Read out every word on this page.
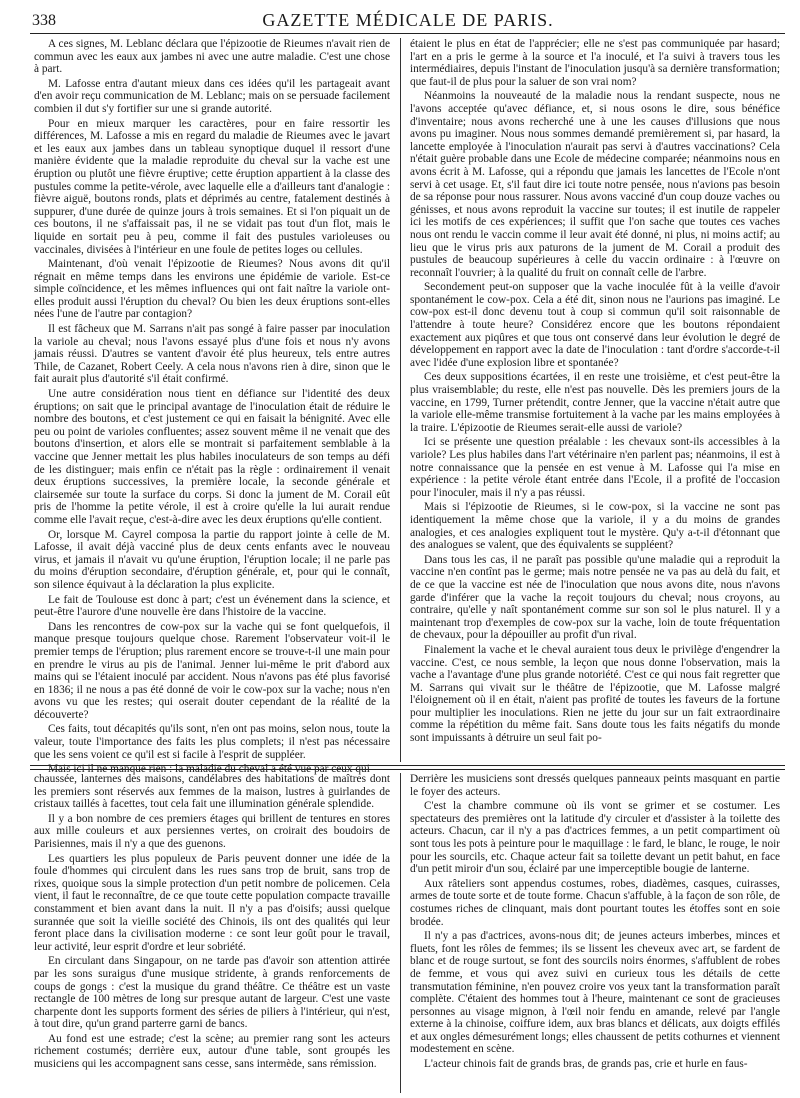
338	GAZETTE MÉDICALE DE PARIS.

A ces signes, M. Leblanc déclara que l'épizootie de Rieumes n'avait rien de commun avec les eaux aux jambes ni avec une autre maladie. C'est une chose à part.

M. Lafosse entra d'autant mieux dans ces idées qu'il les partageait avant d'en avoir reçu communication de M. Leblanc; mais on se persuade facilement combien il dut s'y fortifier sur une si grande autorité.

Pour en mieux marquer les caractères, pour en faire ressortir les différences, M. Lafosse a mis en regard du maladie de Rieumes avec le javart et les eaux aux jambes dans un tableau synoptique duquel il ressort d'une manière évidente que la maladie reproduite du cheval sur la vache est une éruption ou plutôt une fièvre éruptive; cette éruption appartient à la classe des pustules comme la petite-vérole, avec laquelle elle a d'ailleurs tant d'analogie : fièvre aiguë, boutons ronds, plats et déprimés au centre, fatalement destinés à suppurer, d'une durée de quinze jours à trois semaines. Et si l'on piquait un de ces boutons, il ne s'affaissait pas, il ne se vidait pas tout d'un flot, mais le liquide en sortait peu à peu, comme il fait des pustules varioleuses ou vaccinales, divisées à l'intérieur en une foule de petites loges ou cellules.

Maintenant, d'où venait l'épizootie de Rieumes? Nous avons dit qu'il régnait en même temps dans les environs une épidémie de variole. Est-ce simple coïncidence, et les mêmes influences qui ont fait naître la variole ont-elles produit aussi l'éruption du cheval? Ou bien les deux éruptions sont-elles nées l'une de l'autre par contagion?

Il est fâcheux que M. Sarrans n'ait pas songé à faire passer par inoculation la variole au cheval; nous l'avons essayé plus d'une fois et nous n'y avons jamais réussi. D'autres se vantent d'avoir été plus heureux, tels entre autres Thile, de Cazanet, Robert Ceely. A cela nous n'avons rien à dire, sinon que le fait aurait plus d'autorité s'il était confirmé.

Une autre considération nous tient en défiance sur l'identité des deux éruptions; on sait que le principal avantage de l'inoculation était de réduire le nombre des boutons, et c'est justement ce qui en faisait la bénignité. Avec elle peu ou point de varioles confluentes; assez souvent même il ne venait que des boutons d'insertion, et alors elle se montrait si parfaitement semblable à la vaccine que Jenner mettait les plus habiles inoculateurs de son temps au défi de les distinguer; mais enfin ce n'était pas la règle : ordinairement il venait deux éruptions successives, la première locale, la seconde générale et clairsemée sur toute la surface du corps. Si donc la jument de M. Corail eût pris de l'homme la petite vérole, il est à croire qu'elle la lui aurait rendue comme elle l'avait reçue, c'est-à-dire avec les deux éruptions qu'elle contient.

Or, lorsque M. Cayrel composa la partie du rapport jointe à celle de M. Lafosse, il avait déjà vacciné plus de deux cents enfants avec le nouveau virus, et jamais il n'avait vu qu'une éruption, l'éruption locale; il ne parle pas du moins d'éruption secondaire, d'éruption générale, et, pour qui le connaît, son silence équivaut à la déclaration la plus explicite.

Le fait de Toulouse est donc à part; c'est un événement dans la science, et peut-être l'aurore d'une nouvelle ère dans l'histoire de la vaccine.

Dans les rencontres de cow-pox sur la vache qui se font quelquefois, il manque presque toujours quelque chose. Rarement l'observateur voit-il le premier temps de l'éruption; plus rarement encore se trouve-t-il une main pour en prendre le virus au pis de l'animal. Jenner lui-même le prit d'abord aux mains qui se l'étaient inoculé par accident. Nous n'avons pas été plus favorisé en 1836; il ne nous a pas été donné de voir le cow-pox sur la vache; nous n'en avons vu que les restes; qui oserait douter cependant de la réalité de la découverte?

Ces faits, tout décapités qu'ils sont, n'en ont pas moins, selon nous, toute la valeur, toute l'importance des faits les plus complets; il n'est pas nécessaire que les sens voient ce qu'il est si facile à l'esprit de suppléer.

Mais ici il ne manque rien : la maladie du cheval a été vue par ceux qui

étaient le plus en état de l'apprécier; elle ne s'est pas communiquée par hasard; l'art en a pris le germe à la source et l'a inoculé, et l'a suivi à travers tous les intermédiaires, depuis l'instant de l'inoculation jusqu'à sa dernière transformation; que faut-il de plus pour la saluer de son vrai nom?

Néanmoins la nouveauté de la maladie nous la rendant suspecte, nous ne l'avons acceptée qu'avec défiance, et, si nous osons le dire, sous bénéfice d'inventaire; nous avons recherché une à une les causes d'illusions que nous avons pu imaginer. Nous nous sommes demandé premièrement si, par hasard, la lancette employée à l'inoculation n'aurait pas servi à d'autres vaccinations? Cela n'était guère probable dans une Ecole de médecine comparée; néanmoins nous en avons écrit à M. Lafosse, qui a répondu que jamais les lancettes de l'Ecole n'ont servi à cet usage. Et, s'il faut dire ici toute notre pensée, nous n'avions pas besoin de sa réponse pour nous rassurer. Nous avons vacciné d'un coup douze vaches ou génisses, et nous avons reproduit la vaccine sur toutes; il est inutile de rappeler ici les motifs de ces expériences; il suffit que l'on sache que toutes ces vaches nous ont rendu le vaccin comme il leur avait été donné, ni plus, ni moins actif; au lieu que le virus pris aux paturons de la jument de M. Corail a produit des pustules de beaucoup supérieures à celle du vaccin ordinaire : à l'œuvre on reconnaît l'ouvrier; à la qualité du fruit on connaît celle de l'arbre.

Secondement peut-on supposer que la vache inoculée fût à la veille d'avoir spontanément le cow-pox. Cela a été dit, sinon nous ne l'aurions pas imaginé. Le cow-pox est-il donc devenu tout à coup si commun qu'il soit raisonnable de l'attendre à toute heure? Considérez encore que les boutons répondaient exactement aux piqûres et que tous ont conservé dans leur évolution le degré de développement en rapport avec la date de l'inoculation : tant d'ordre s'accorde-t-il avec l'idée d'une explosion libre et spontanée?

Ces deux suppositions écartées, il en reste une troisième, et c'est peut-être la plus vraisemblable; du reste, elle n'est pas nouvelle. Dès les premiers jours de la vaccine, en 1799, Turner prétendit, contre Jenner, que la vaccine n'était autre que la variole elle-même transmise fortuitement à la vache par les mains employées à la traire. L'épizootie de Rieumes serait-elle aussi de variole?

Ici se présente une question préalable : les chevaux sont-ils accessibles à la variole? Les plus habiles dans l'art vétérinaire n'en parlent pas; néanmoins, il est à notre connaissance que la pensée en est venue à M. Lafosse qui l'a mise en expérience : la petite vérole étant entrée dans l'Ecole, il a profité de l'occasion pour l'inoculer, mais il n'y a pas réussi.

Mais si l'épizootie de Rieumes, si le cow-pox, si la vaccine ne sont pas identiquement la même chose que la variole, il y a du moins de grandes analogies, et ces analogies expliquent tout le mystère. Qu'y a-t-il d'étonnant que des analogues se valent, que des équivalents se suppléent?

Dans tous les cas, il ne paraît pas possible qu'une maladie qui a reproduit la vaccine n'en contînt pas le germe; mais notre pensée ne va pas au delà du fait, et de ce que la vaccine est née de l'inoculation que nous avons dite, nous n'avons garde d'inférer que la vache la reçoit toujours du cheval; nous croyons, au contraire, qu'elle y naît spontanément comme sur son sol le plus naturel. Il y a maintenant trop d'exemples de cow-pox sur la vache, loin de toute fréquentation de chevaux, pour la dépouiller au profit d'un rival.

Finalement la vache et le cheval auraient tous deux le privilège d'engendrer la vaccine. C'est, ce nous semble, la leçon que nous donne l'observation, mais la vache a l'avantage d'une plus grande notoriété. C'est ce qui nous fait regretter que M. Sarrans qui vivait sur le théâtre de l'épizootie, que M. Lafosse malgré l'éloignement où il en était, n'aient pas profité de toutes les faveurs de la fortune pour multiplier les inoculations. Rien ne jette du jour sur un fait extraordinaire comme la répétition du même fait. Sans doute tous les faits négatifs du monde sont impuissants à détruire un seul fait po-

chaussée, lanternes des maisons, candélabres des habitations de maîtres dont les premiers sont réservés aux femmes de la maison, lustres à guirlandes de cristaux taillés à facettes, tout cela fait une illumination générale splendide.

Il y a bon nombre de ces premiers étages qui brillent de tentures en stores aux mille couleurs et aux persiennes vertes, on croirait des boudoirs de Parisiennes, mais il n'y a que des guenons.

Les quartiers les plus populeux de Paris peuvent donner une idée de la foule d'hommes qui circulent dans les rues sans trop de bruit, sans trop de rixes, quoique sous la simple protection d'un petit nombre de policemen. Cela vient, il faut le reconnaître, de ce que toute cette population compacte travaille constamment et bien avant dans la nuit. Il n'y a pas d'oisifs; aussi quelque surannée que soit la vieille société des Chinois, ils ont des qualités qui leur feront place dans la civilisation moderne : ce sont leur goût pour le travail, leur activité, leur esprit d'ordre et leur sobriété.

En circulant dans Singapour, on ne tarde pas d'avoir son attention attirée par les sons suraigus d'une musique stridente, à grands renforcements de coups de gongs : c'est la musique du grand théâtre. Ce théâtre est un vaste rectangle de 100 mètres de long sur presque autant de largeur. C'est une vaste charpente dont les supports forment des séries de piliers à l'intérieur, qui n'est, à tout dire, qu'un grand parterre garni de bancs.

Au fond est une estrade; c'est la scène; au premier rang sont les acteurs richement costumés; derrière eux, autour d'une table, sont groupés les musiciens qui les accompagnent sans cesse, sans intermède, sans rémission.

Derrière les musiciens sont dressés quelques panneaux peints masquant en partie le foyer des acteurs.

C'est la chambre commune où ils vont se grimer et se costumer. Les spectateurs des premières ont la latitude d'y circuler et d'assister à la toilette des acteurs. Chacun, car il n'y a pas d'actrices femmes, a un petit compartiment où sont tous les pots à peinture pour le maquillage : le fard, le blanc, le rouge, le noir pour les sourcils, etc. Chaque acteur fait sa toilette devant un petit bahut, en face d'un petit miroir d'un sou, éclairé par une imperceptible bougie de lanterne.

Aux râteliers sont appendus costumes, robes, diadèmes, casques, cuirasses, armes de toute sorte et de toute forme. Chacun s'affuble, à la façon de son rôle, de costumes riches de clinquant, mais dont pourtant toutes les étoffes sont en soie brodée.

Il n'y a pas d'actrices, avons-nous dit; de jeunes acteurs imberbes, minces et fluets, font les rôles de femmes; ils se lissent les cheveux avec art, se fardent de blanc et de rouge surtout, se font des sourcils noirs énormes, s'affublent de robes de femme, et vous qui avez suivi en curieux tous les détails de cette transmutation féminine, n'en pouvez croire vos yeux tant la transformation paraît complète. C'étaient des hommes tout à l'heure, maintenant ce sont de gracieuses personnes au visage mignon, à l'œil noir fendu en amande, relevé par l'angle externe à la chinoise, coiffure idem, aux bras blancs et délicats, aux doigts effilés et aux ongles démesurément longs; elles chaussent de petits cothurnes et viennent modestement en scène.

L'acteur chinois fait de grands bras, de grands pas, crie et hurle en faus-
